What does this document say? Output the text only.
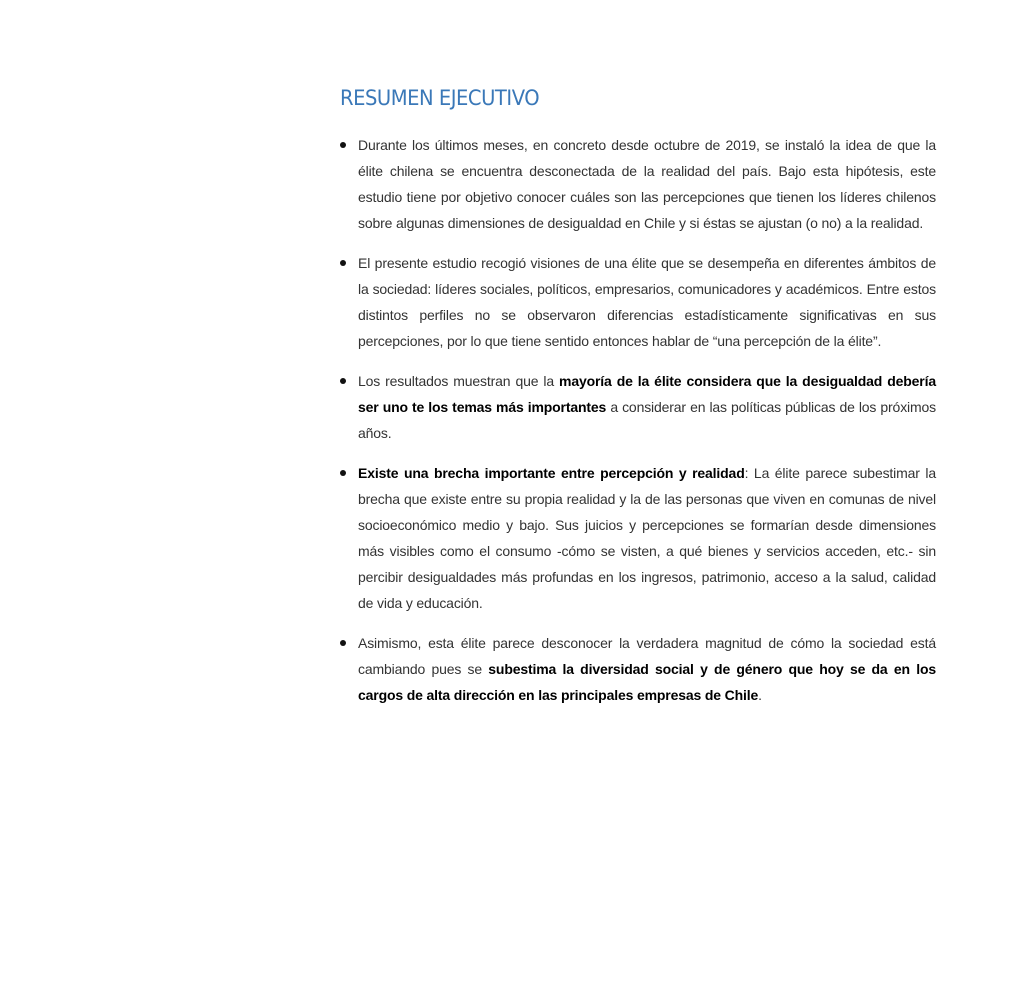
RESUMEN EJECUTIVO
Durante los últimos meses, en concreto desde octubre de 2019, se instaló la idea de que la élite chilena se encuentra desconectada de la realidad del país. Bajo esta hipótesis, este estudio tiene por objetivo conocer cuáles son las percepciones que tienen los líderes chilenos sobre algunas dimensiones de desigualdad en Chile y si éstas se ajustan (o no) a la realidad.
El presente estudio recogió visiones de una élite que se desempeña en diferentes ámbitos de la sociedad: líderes sociales, políticos, empresarios, comunicadores y académicos. Entre estos distintos perfiles no se observaron diferencias estadísticamente significativas en sus percepciones, por lo que tiene sentido entonces hablar de “una percepción de la élite”.
Los resultados muestran que la mayoría de la élite considera que la desigualdad debería ser uno te los temas más importantes a considerar en las políticas públicas de los próximos años.
Existe una brecha importante entre percepción y realidad: La élite parece subestimar la brecha que existe entre su propia realidad y la de las personas que viven en comunas de nivel socioeconómico medio y bajo. Sus juicios y percepciones se formarían desde dimensiones más visibles como el consumo -cómo se visten, a qué bienes y servicios acceden, etc.- sin percibir desigualdades más profundas en los ingresos, patrimonio, acceso a la salud, calidad de vida y educación.
Asimismo, esta élite parece desconocer la verdadera magnitud de cómo la sociedad está cambiando pues se subestima la diversidad social y de género que hoy se da en los cargos de alta dirección en las principales empresas de Chile.
